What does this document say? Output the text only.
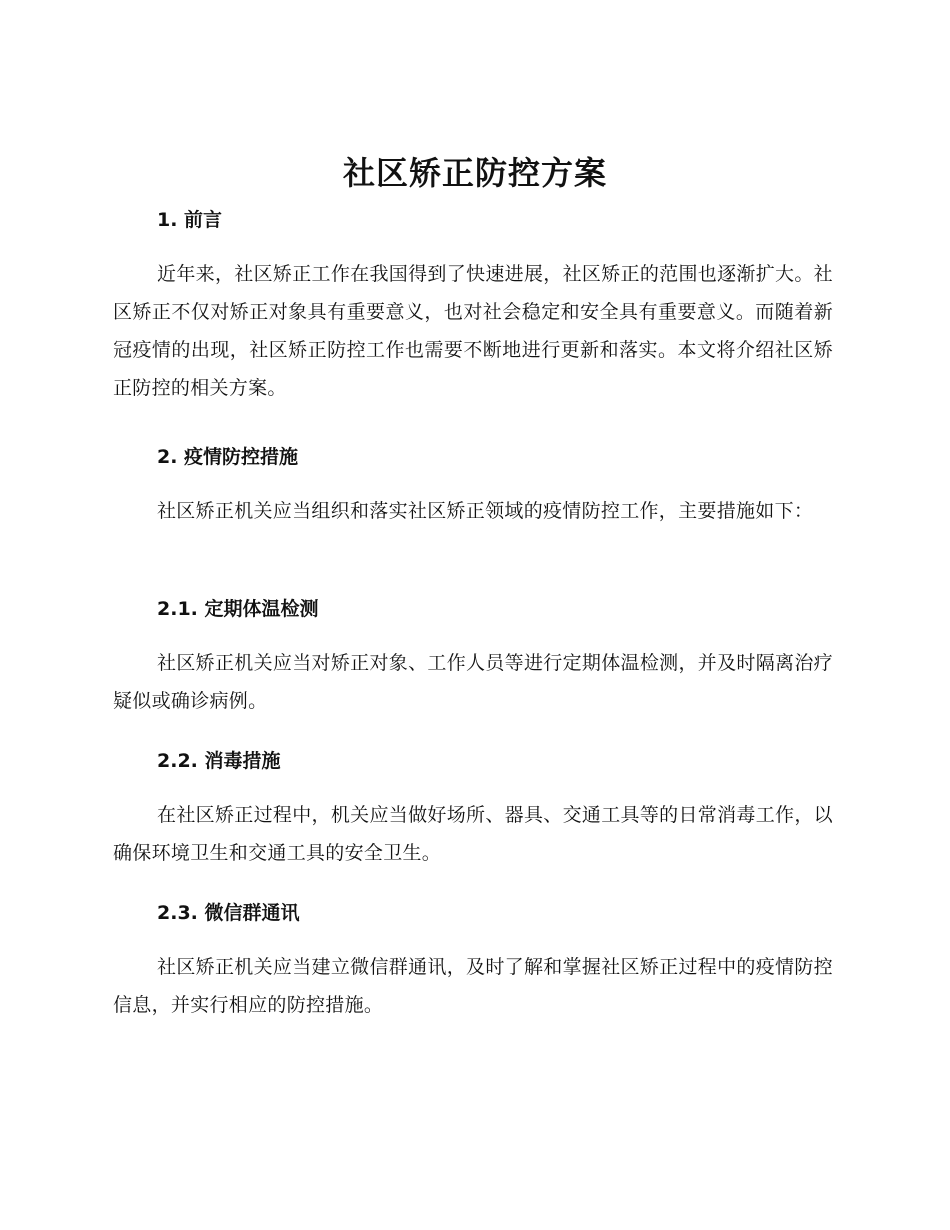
社区矫正防控方案
1. 前言

近年来，社区矫正工作在我国得到了快速进展，社区矫正的范围也逐渐扩大。社区矫正不仅对矫正对象具有重要意义，也对社会稳定和安全具有重要意义。而随着新冠疫情的出现，社区矫正防控工作也需要不断地进行更新和落实。本文将介绍社区矫正防控的相关方案。

2. 疫情防控措施

社区矫正机关应当组织和落实社区矫正领域的疫情防控工作，主要措施如下：

2.1. 定期体温检测

社区矫正机关应当对矫正对象、工作人员等进行定期体温检测，并及时隔离治疗疑似或确诊病例。

2.2. 消毒措施

在社区矫正过程中，机关应当做好场所、器具、交通工具等的日常消毒工作，以确保环境卫生和交通工具的安全卫生。

2.3. 微信群通讯

社区矫正机关应当建立微信群通讯，及时了解和掌握社区矫正过程中的疫情防控信息，并实行相应的防控措施。
